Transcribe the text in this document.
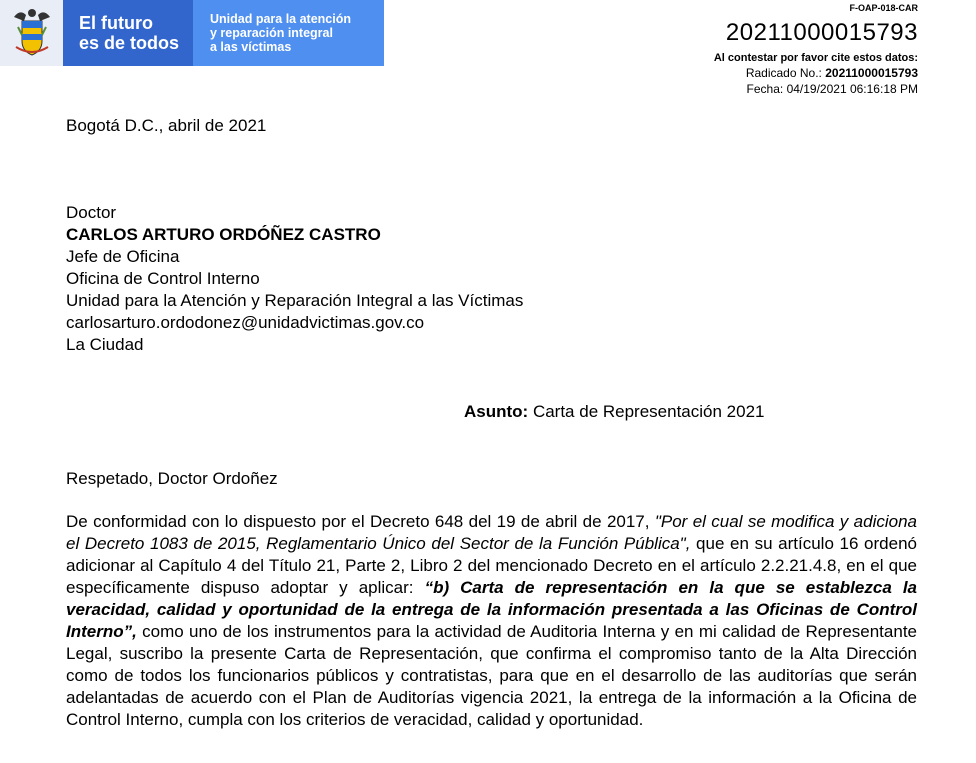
El futuro
es de todos
Unidad para la atención
y reparación integral
a las víctimas
F-OAP-018-CAR
20211000015793
Al contestar por favor cite estos datos:
Radicado No.: 20211000015793
Fecha: 04/19/2021 06:16:18 PM
Bogotá D.C., abril de 2021
Doctor
CARLOS ARTURO ORDÓÑEZ CASTRO
Jefe de Oficina
Oficina de Control Interno
Unidad para la Atención y Reparación Integral a las Víctimas
carlosarturo.ordodonez@unidadvictimas.gov.co
La Ciudad
Asunto: Carta de Representación 2021
Respetado, Doctor Ordoñez
De conformidad con lo dispuesto por el Decreto 648 del 19 de abril de 2017, "Por el cual se modifica y adiciona el Decreto 1083 de 2015, Reglamentario Único del Sector de la Función Pública", que en su artículo 16 ordenó adicionar al Capítulo 4 del Título 21, Parte 2, Libro 2 del mencionado Decreto en el artículo 2.2.21.4.8, en el que específicamente dispuso adoptar y aplicar: “b) Carta de representación en la que se establezca la veracidad, calidad y oportunidad de la entrega de la información presentada a las Oficinas de Control Interno”, como uno de los instrumentos para la actividad de Auditoria Interna y en mi calidad de Representante Legal, suscribo la presente Carta de Representación, que confirma el compromiso tanto de la Alta Dirección como de todos los funcionarios públicos y contratistas, para que en el desarrollo de las auditorías que serán adelantadas de acuerdo con el Plan de Auditorías vigencia 2021, la entrega de la información a la Oficina de Control Interno, cumpla con los criterios de veracidad, calidad y oportunidad.
